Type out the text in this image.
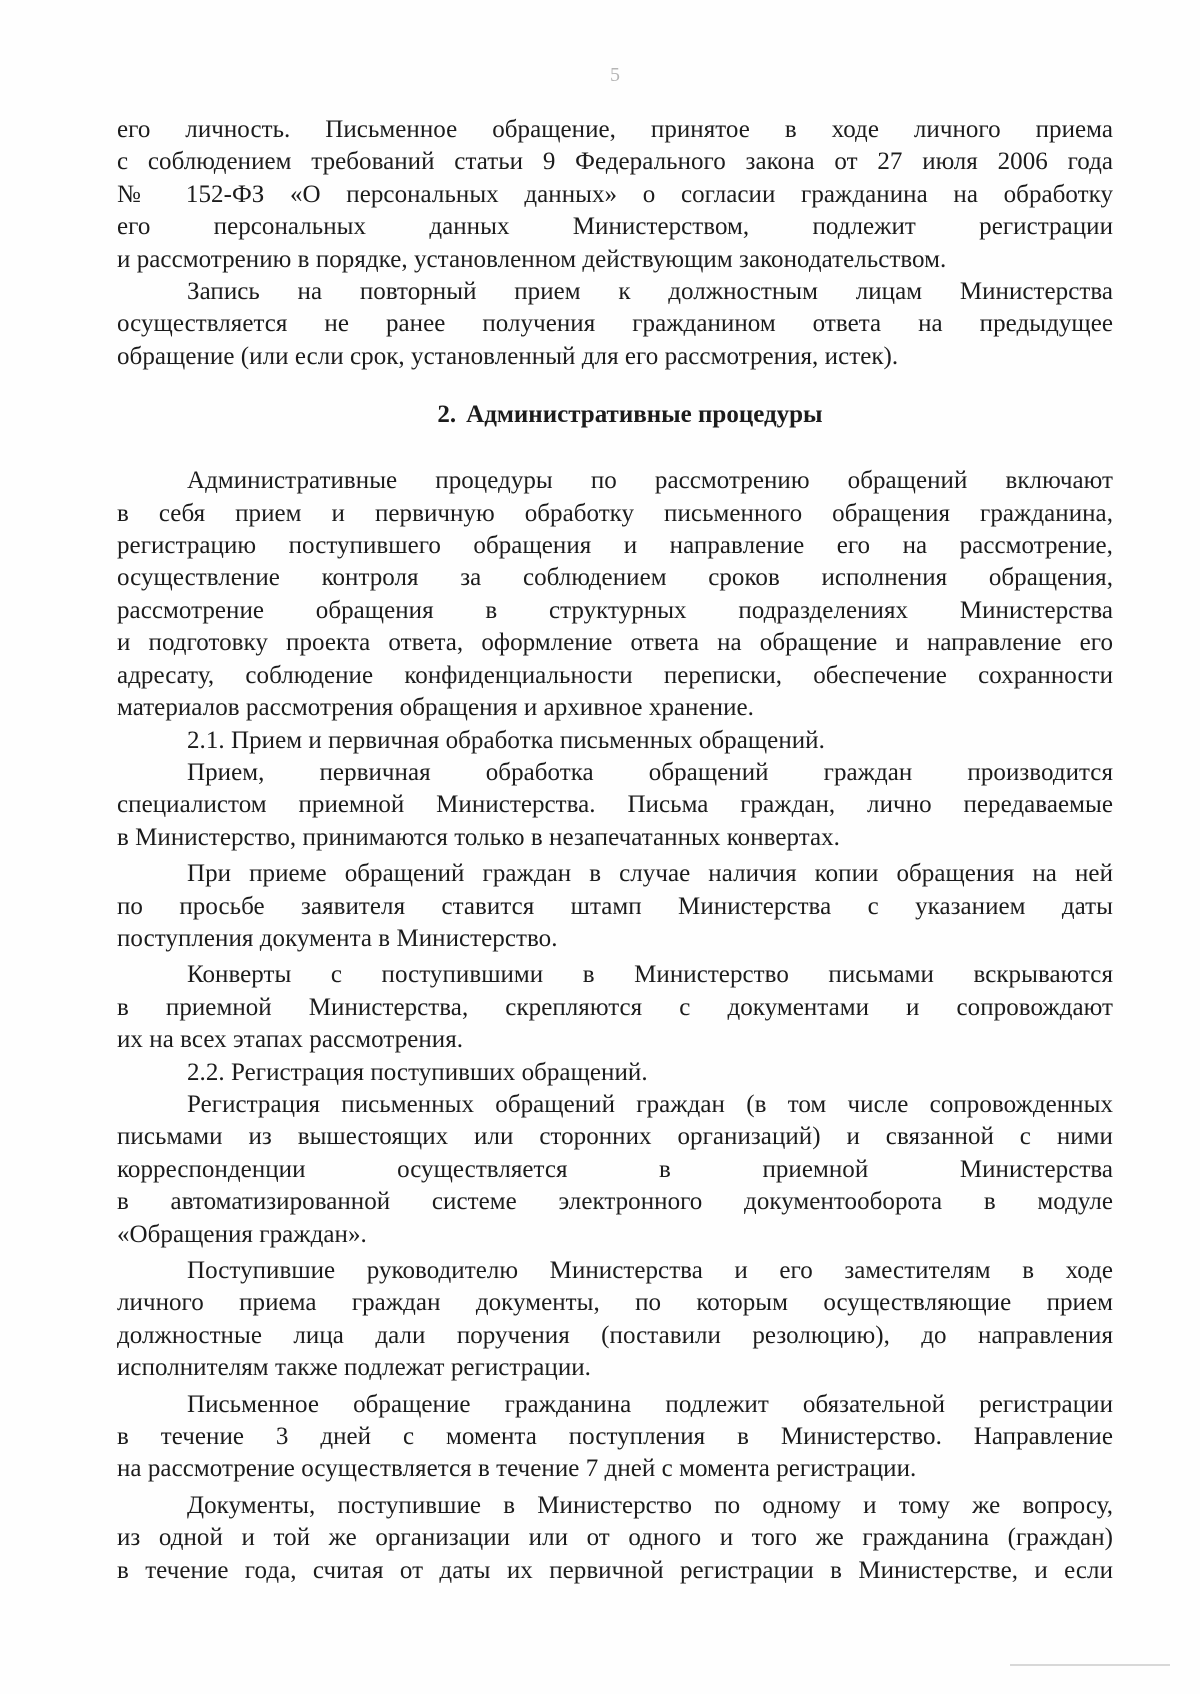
5

его личность. Письменное обращение, принятое в ходе личного приема

с соблюдением требований статьи 9 Федерального закона от 27 июля 2006 года

№ 152-ФЗ «О персональных данных» о согласии гражданина на обработку

его персональных данных Министерством, подлежит регистрации

и рассмотрению в порядке, установленном действующим законодательством.

Запись на повторный прием к должностным лицам Министерства

осуществляется не ранее получения гражданином ответа на предыдущее

обращение (или если срок, установленный для его рассмотрения, истек).

2. Административные процедуры

Административные процедуры по рассмотрению обращений включают

в себя прием и первичную обработку письменного обращения гражданина,

регистрацию поступившего обращения и направление его на рассмотрение,

осуществление контроля за соблюдением сроков исполнения обращения,

рассмотрение обращения в структурных подразделениях Министерства

и подготовку проекта ответа, оформление ответа на обращение и направление его

адресату, соблюдение конфиденциальности переписки, обеспечение сохранности

материалов рассмотрения обращения и архивное хранение.

2.1. Прием и первичная обработка письменных обращений.

Прием, первичная обработка обращений граждан производится

специалистом приемной Министерства. Письма граждан, лично передаваемые

в Министерство, принимаются только в незапечатанных конвертах.

При приеме обращений граждан в случае наличия копии обращения на ней

по просьбе заявителя ставится штамп Министерства с указанием даты

поступления документа в Министерство.

Конверты с поступившими в Министерство письмами вскрываются

в приемной Министерства, скрепляются с документами и сопровождают

их на всех этапах рассмотрения.

2.2. Регистрация поступивших обращений.

Регистрация письменных обращений граждан (в том числе сопровожденных

письмами из вышестоящих или сторонних организаций) и связанной с ними

корреспонденции осуществляется в приемной Министерства

в автоматизированной системе электронного документооборота в модуле

«Обращения граждан».

Поступившие руководителю Министерства и его заместителям в ходе

личного приема граждан документы, по которым осуществляющие прием

должностные лица дали поручения (поставили резолюцию), до направления

исполнителям также подлежат регистрации.

Письменное обращение гражданина подлежит обязательной регистрации

в течение 3 дней с момента поступления в Министерство. Направление

на рассмотрение осуществляется в течение 7 дней с момента регистрации.

Документы, поступившие в Министерство по одному и тому же вопросу,

из одной и той же организации или от одного и того же гражданина (граждан)

в течение года, считая от даты их первичной регистрации в Министерстве, и если
